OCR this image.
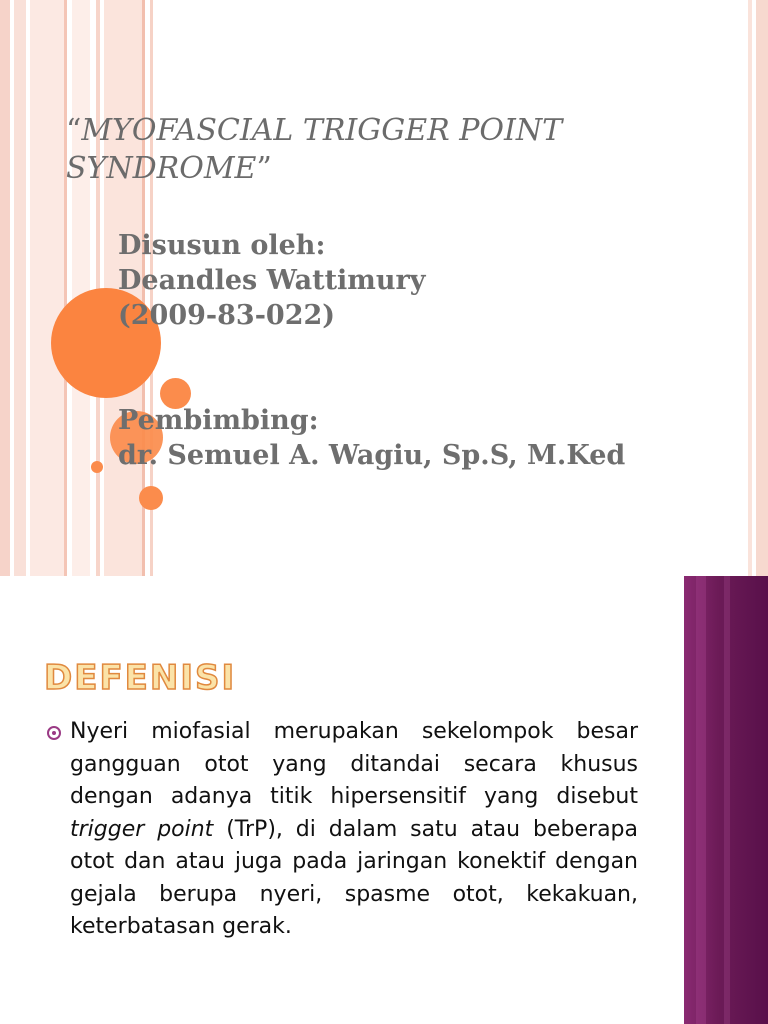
“MYOFASCIAL TRIGGER POINT SYNDROME”
Disusun oleh:
Deandles Wattimury
(2009-83-022)
Pembimbing:
dr. Semuel A. Wagiu, Sp.S, M.Ked
DEFENISI
Nyeri miofasial merupakan sekelompok besar gangguan otot yang ditandai secara khusus dengan adanya titik hipersensitif yang disebut trigger point (TrP), di dalam satu atau beberapa otot dan atau juga pada jaringan konektif dengan gejala berupa nyeri, spasme otot, kekakuan, keterbatasan gerak.
